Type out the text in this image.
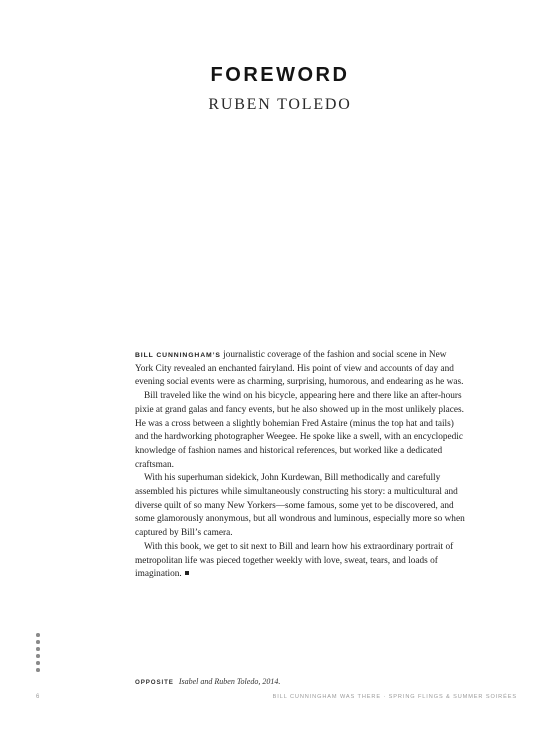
FOREWORD
RUBEN TOLEDO

BILL CUNNINGHAM’S journalistic coverage of the fashion and social scene in New York City revealed an enchanted fairyland. His point of view and accounts of day and evening social events were as charming, surprising, humorous, and endearing as he was.

Bill traveled like the wind on his bicycle, appearing here and there like an after-hours pixie at grand galas and fancy events, but he also showed up in the most unlikely places. He was a cross between a slightly bohemian Fred Astaire (minus the top hat and tails) and the hardworking photographer Weegee. He spoke like a swell, with an encyclopedic knowledge of fashion names and historical references, but worked like a dedicated craftsman.

With his superhuman sidekick, John Kurdewan, Bill methodically and carefully assembled his pictures while simultaneously constructing his story: a multicultural and diverse quilt of so many New Yorkers—some famous, some yet to be discovered, and some glamorously anonymous, but all wondrous and luminous, especially more so when captured by Bill’s camera.

With this book, we get to sit next to Bill and learn how his extraordinary portrait of metropolitan life was pieced together weekly with love, sweat, tears, and loads of imagination.

OPPOSITE Isabel and Ruben Toledo, 2014.
6	BILL CUNNINGHAM WAS THERE · SPRING FLINGS & SUMMER SOIRÉES
